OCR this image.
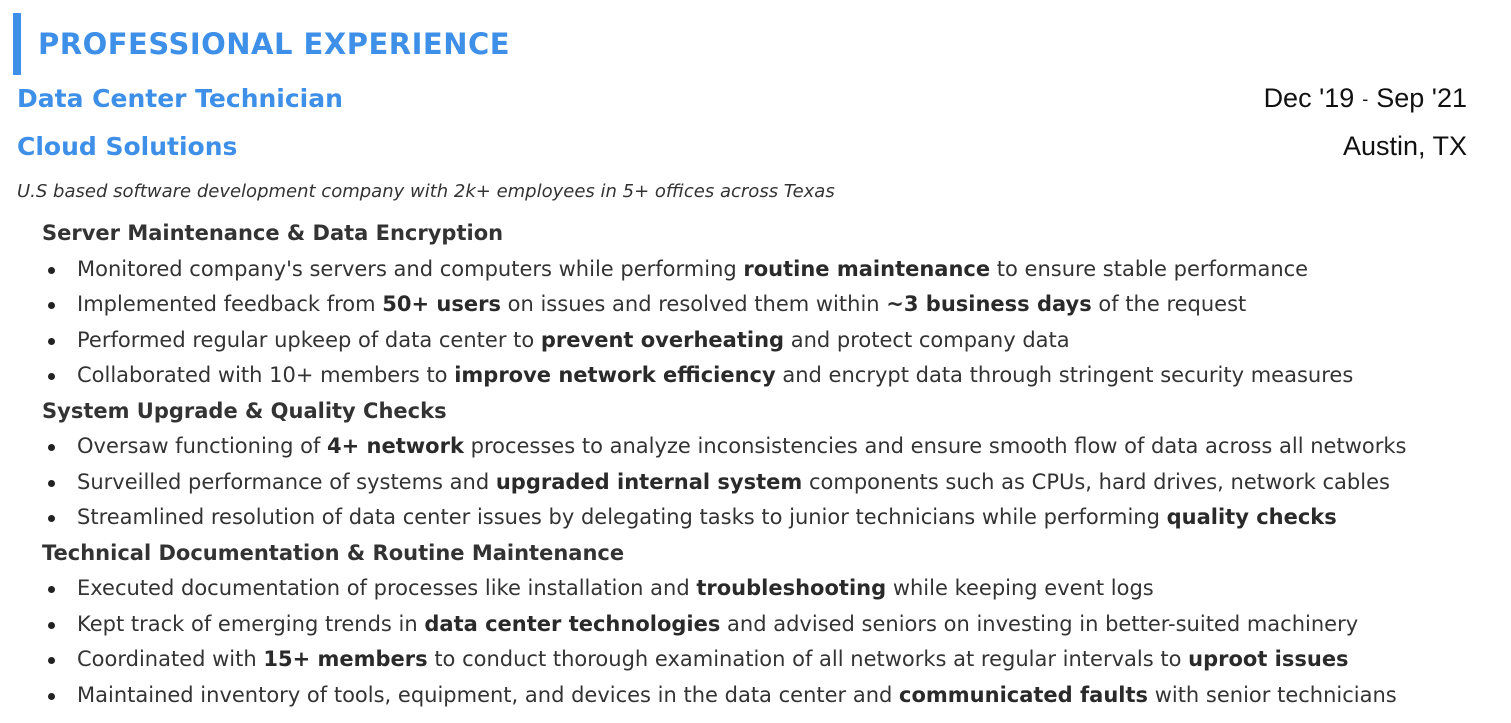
PROFESSIONAL EXPERIENCE
Data Center Technician	Dec '19 - Sep '21
Cloud Solutions	Austin, TX
U.S based software development company with 2k+ employees in 5+ offices across Texas
Server Maintenance & Data Encryption
Monitored company's servers and computers while performing routine maintenance to ensure stable performance
Implemented feedback from 50+ users on issues and resolved them within ~3 business days of the request
Performed regular upkeep of data center to prevent overheating and protect company data
Collaborated with 10+ members to improve network efficiency and encrypt data through stringent security measures
System Upgrade & Quality Checks
Oversaw functioning of 4+ network processes to analyze inconsistencies and ensure smooth flow of data across all networks
Surveilled performance of systems and upgraded internal system components such as CPUs, hard drives, network cables
Streamlined resolution of data center issues by delegating tasks to junior technicians while performing quality checks
Technical Documentation & Routine Maintenance
Executed documentation of processes like installation and troubleshooting while keeping event logs
Kept track of emerging trends in data center technologies and advised seniors on investing in better-suited machinery
Coordinated with 15+ members to conduct thorough examination of all networks at regular intervals to uproot issues
Maintained inventory of tools, equipment, and devices in the data center and communicated faults with senior technicians
